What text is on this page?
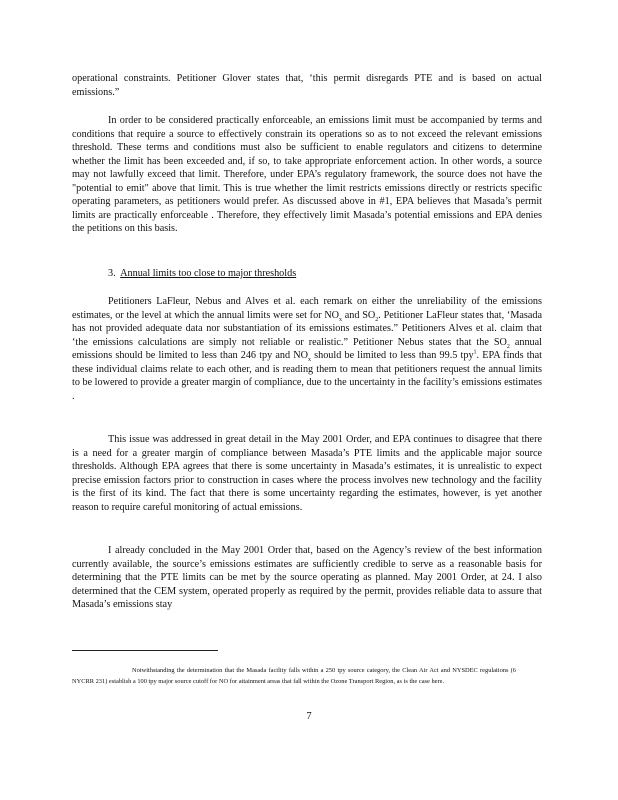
operational constraints. Petitioner Glover states that, ‘this permit disregards PTE and is based on actual emissions.”

In order to be considered practically enforceable, an emissions limit must be accompanied by terms and conditions that require a source to effectively constrain its operations so as to not exceed the relevant emissions threshold. These terms and conditions must also be sufficient to enable regulators and citizens to determine whether the limit has been exceeded and, if so, to take appropriate enforcement action. In other words, a source may not lawfully exceed that limit. Therefore, under EPA’s regulatory framework, the source does not have the "potential to emit" above that limit. This is true whether the limit restricts emissions directly or restricts specific operating parameters, as petitioners would prefer. As discussed above in #1, EPA believes that Masada’s permit limits are practically enforceable . Therefore, they effectively limit Masada’s potential emissions and EPA denies the petitions on this basis.

3. Annual limits too close to major thresholds

Petitioners LaFleur, Nebus and Alves et al. each remark on either the unreliability of the emissions estimates, or the level at which the annual limits were set for $NO_x$ and $SO_2$. Petitioner LaFleur states that, ‘Masada has not provided adequate data nor substantiation of its emissions estimates.” Petitioners Alves et al. claim that ‘the emissions calculations are simply not reliable or realistic.” Petitioner Nebus states that the $SO_2$ annual emissions should be limited to less than 246 tpy and $NO_x$ should be limited to less than 99.5 tpy$^1$. EPA finds that these individual claims relate to each other, and is reading them to mean that petitioners request the annual limits to be lowered to provide a greater margin of compliance, due to the uncertainty in the facility’s emissions estimates .

This issue was addressed in great detail in the May 2001 Order, and EPA continues to disagree that there is a need for a greater margin of compliance between Masada’s PTE limits and the applicable major source thresholds. Although EPA agrees that there is some uncertainty in Masada’s estimates, it is unrealistic to expect precise emission factors prior to construction in cases where the process involves new technology and the facility is the first of its kind. The fact that there is some uncertainty regarding the estimates, however, is yet another reason to require careful monitoring of actual emissions.

I already concluded in the May 2001 Order that, based on the Agency’s review of the best information currently available, the source’s emissions estimates are sufficiently credible to serve as a reasonable basis for determining that the PTE limits can be met by the source operating as planned. May 2001 Order, at 24. I also determined that the CEM system, operated properly as required by the permit, provides reliable data to assure that Masada’s emissions stay

Notwithstanding the determination that the Masada facility falls within a 250 tpy source category, the Clean Air Act and NYSDEC regulations (6 NYCRR 231) establish a 100 tpy major source cutoff for NO for attainment areas that fall within the Ozone Transport Region, as is the case here.
7
